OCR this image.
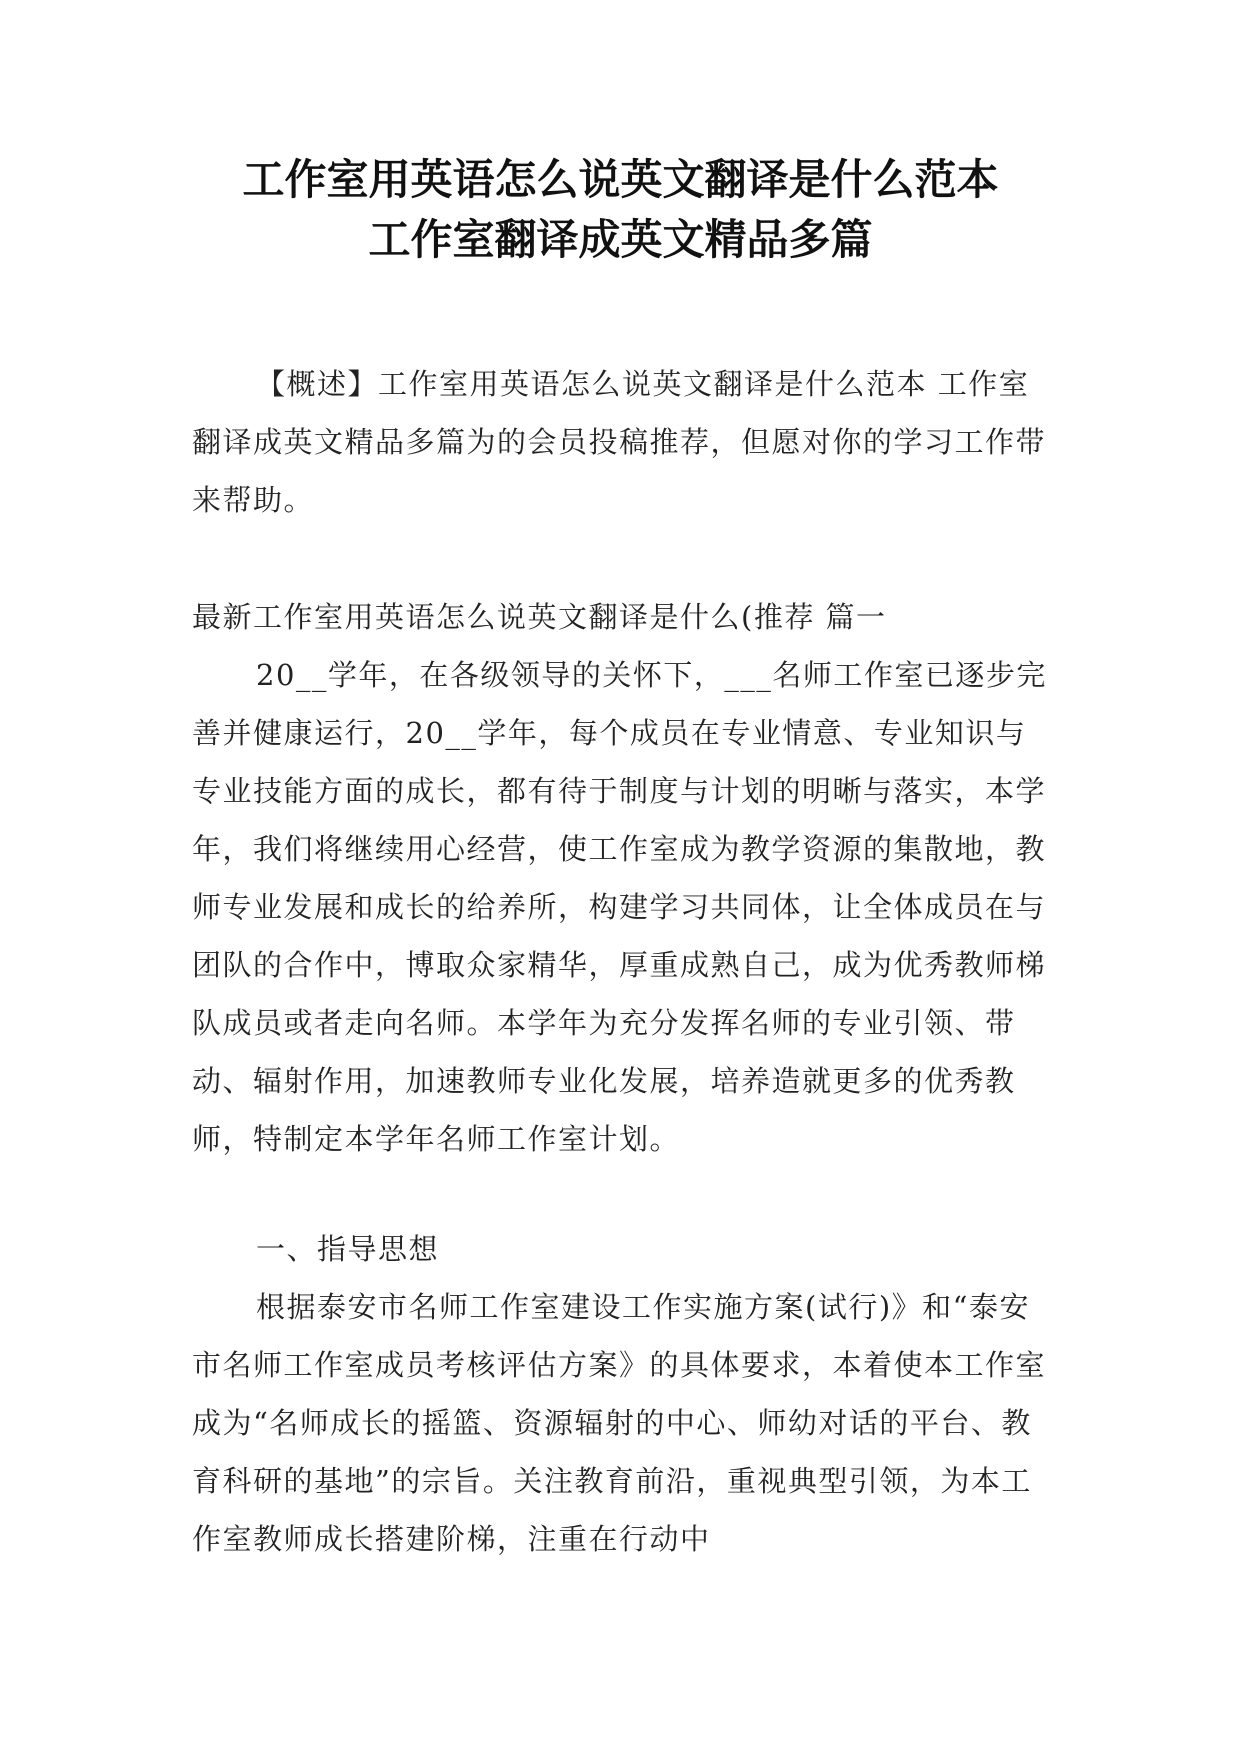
工作室用英语怎么说英文翻译是什么范本
工作室翻译成英文精品多篇
【概述】工作室用英语怎么说英文翻译是什么范本 工作室翻译成英文精品多篇为的会员投稿推荐，但愿对你的学习工作带来帮助。
最新工作室用英语怎么说英文翻译是什么(推荐 篇一
20__学年，在各级领导的关怀下，___名师工作室已逐步完善并健康运行，20__学年，每个成员在专业情意、专业知识与专业技能方面的成长，都有待于制度与计划的明晰与落实，本学年，我们将继续用心经营，使工作室成为教学资源的集散地，教师专业发展和成长的给养所，构建学习共同体，让全体成员在与团队的合作中，博取众家精华，厚重成熟自己，成为优秀教师梯队成员或者走向名师。本学年为充分发挥名师的专业引领、带动、辐射作用，加速教师专业化发展，培养造就更多的优秀教师，特制定本学年名师工作室计划。
一、指导思想
根据泰安市名师工作室建设工作实施方案(试行)》和“泰安市名师工作室成员考核评估方案》的具体要求，本着使本工作室成为“名师成长的摇篮、资源辐射的中心、师幼对话的平台、教育科研的基地”的宗旨。关注教育前沿，重视典型引领，为本工作室教师成长搭建阶梯，注重在行动中
